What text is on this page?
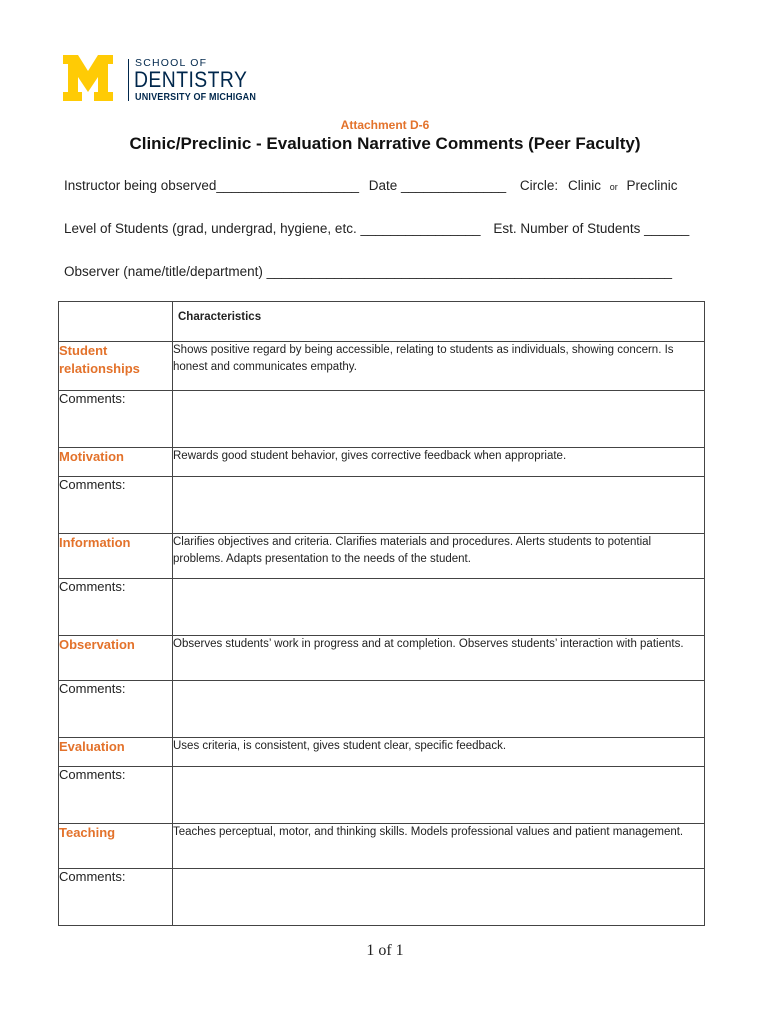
SCHOOL OF
DENTISTRY
UNIVERSITY OF MICHIGAN
Attachment D-6
Clinic/Preclinic - Evaluation Narrative Comments (Peer Faculty)
Instructor being observed___________________ Date ______________ Circle: Clinic or Preclinic
Level of Students (grad, undergrad, hygiene, etc. ________________ Est. Number of Students ______
Observer (name/title/department) ______________________________________________________
	Characteristics
Student relationships	Shows positive regard by being accessible, relating to students as individuals, showing concern. Is honest and communicates empathy.
Comments:	
Motivation	Rewards good student behavior, gives corrective feedback when appropriate.
Comments:	
Information	Clarifies objectives and criteria. Clarifies materials and procedures. Alerts students to potential problems. Adapts presentation to the needs of the student.
Comments:	
Observation	Observes students’ work in progress and at completion. Observes students’ interaction with patients.
Comments:	
Evaluation	Uses criteria, is consistent, gives student clear, specific feedback.
Comments:	
Teaching	Teaches perceptual, motor, and thinking skills. Models professional values and patient management.
Comments:	
1 of 1
